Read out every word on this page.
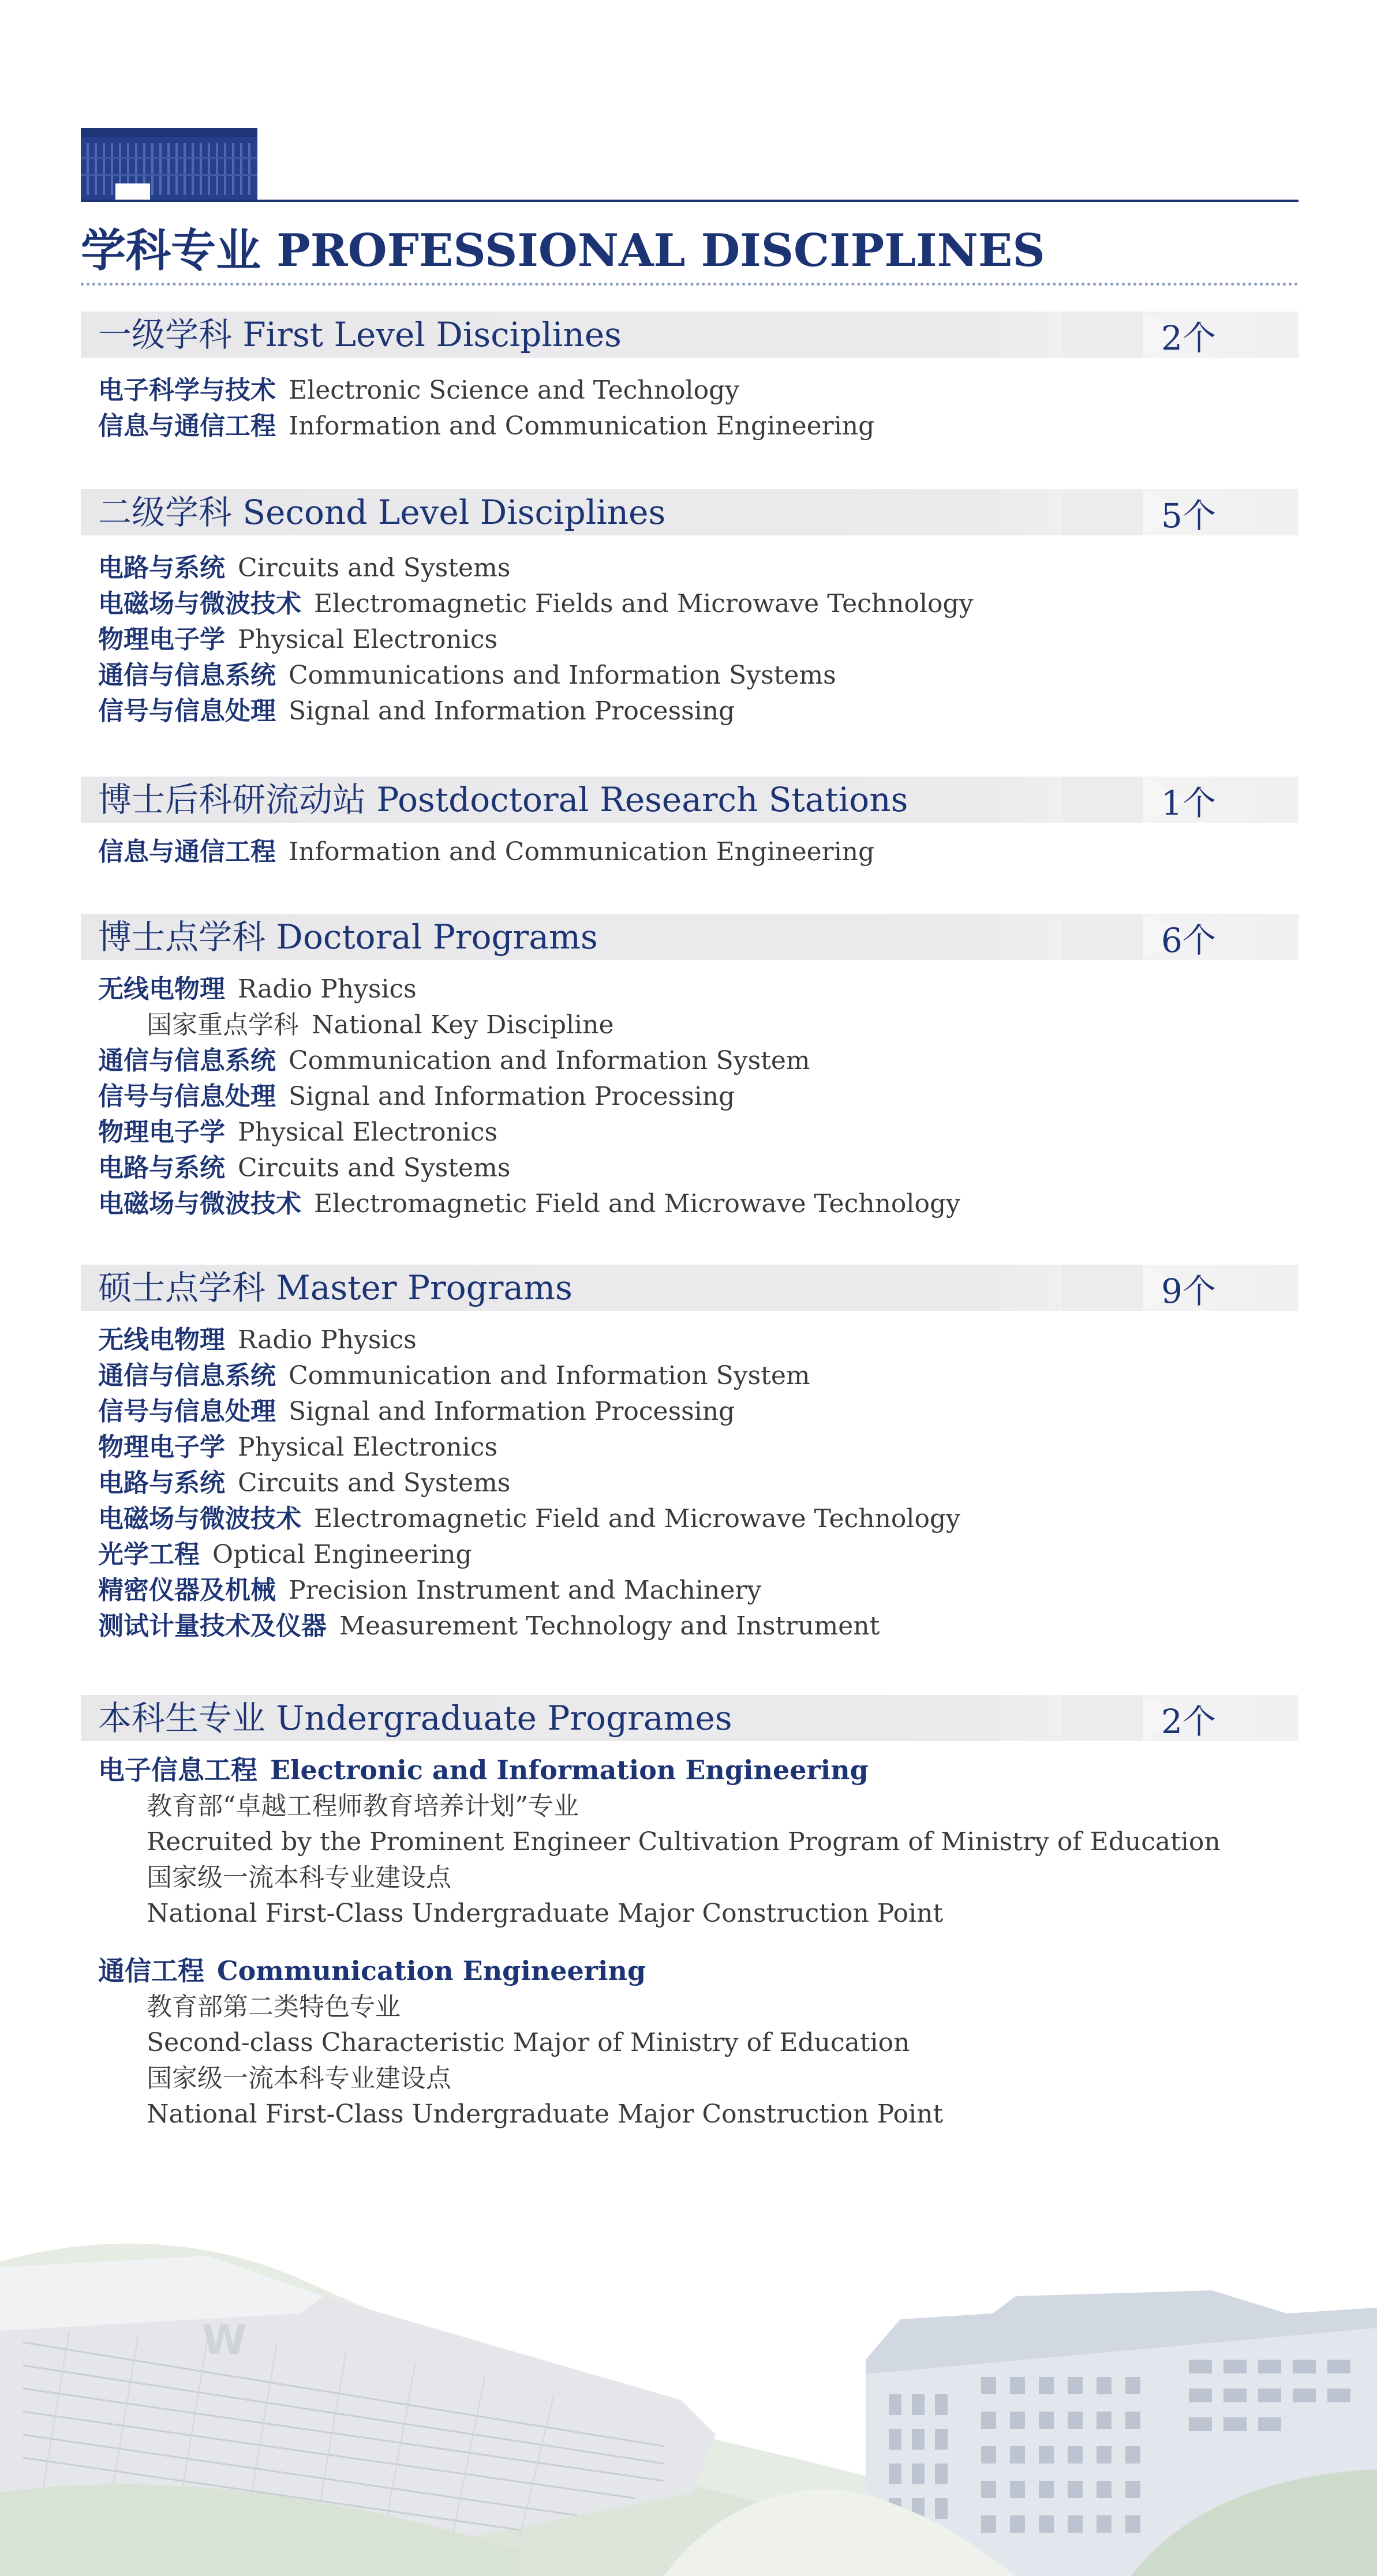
学科专业 PROFESSIONAL DISCIPLINES
一级学科 First Level Disciplines	2个
电子科学与技术 Electronic Science and Technology
信息与通信工程 Information and Communication Engineering
二级学科 Second Level Disciplines	5个
电路与系统 Circuits and Systems
电磁场与微波技术 Electromagnetic Fields and Microwave Technology
物理电子学 Physical Electronics
通信与信息系统 Communications and Information Systems
信号与信息处理 Signal and Information Processing
博士后科研流动站 Postdoctoral Research Stations	1个
信息与通信工程 Information and Communication Engineering
博士点学科 Doctoral Programs	6个
无线电物理 Radio Physics
国家重点学科 National Key Discipline
通信与信息系统 Communication and Information System
信号与信息处理 Signal and Information Processing
物理电子学 Physical Electronics
电路与系统 Circuits and Systems
电磁场与微波技术 Electromagnetic Field and Microwave Technology
硕士点学科 Master Programs	9个
无线电物理 Radio Physics
通信与信息系统 Communication and Information System
信号与信息处理 Signal and Information Processing
物理电子学 Physical Electronics
电路与系统 Circuits and Systems
电磁场与微波技术 Electromagnetic Field and Microwave Technology
光学工程 Optical Engineering
精密仪器及机械 Precision Instrument and Machinery
测试计量技术及仪器 Measurement Technology and Instrument
本科生专业 Undergraduate Programes	2个
电子信息工程 Electronic and Information Engineering
教育部“卓越工程师教育培养计划”专业
Recruited by the Prominent Engineer Cultivation Program of Ministry of Education
国家级一流本科专业建设点
National First-Class Undergraduate Major Construction Point
通信工程 Communication Engineering
教育部第二类特色专业
Second-class Characteristic Major of Ministry of Education
国家级一流本科专业建设点
National First-Class Undergraduate Major Construction Point
W
